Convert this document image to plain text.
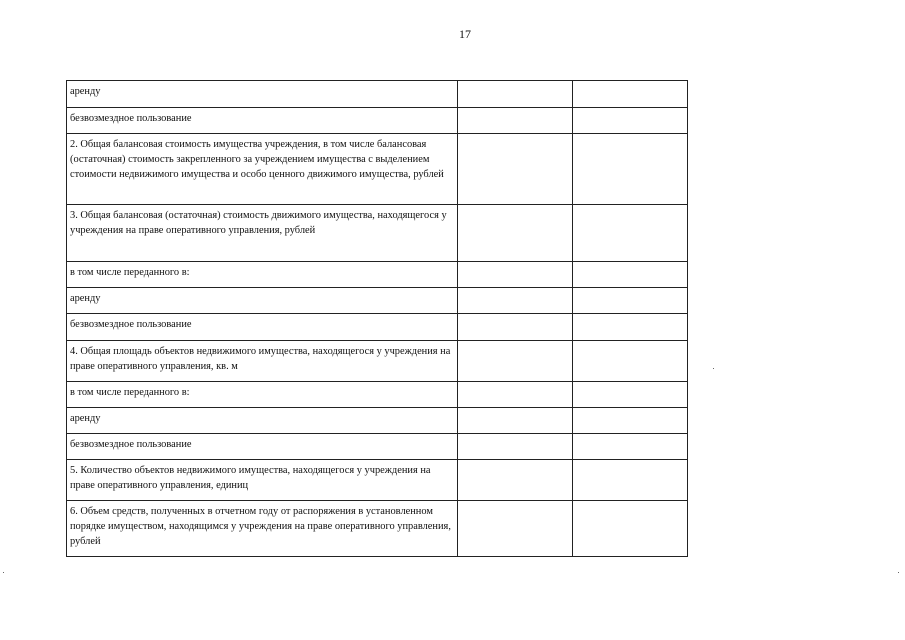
17
аренду		
безвозмездное пользование		
2. Общая балансовая стоимость имущества учреждения, в том числе балансовая (остаточная) стоимость закрепленного за учреждением имущества с выделением стоимости недвижимого имущества и особо ценного движимого имущества, рублей		
3. Общая балансовая (остаточная) стоимость движимого имущества, находящегося у учреждения на праве оперативного управления, рублей		
в том числе переданного в:		
аренду		
безвозмездное пользование		
4. Общая площадь объектов недвижимого имущества, находящегося у учреждения на праве оперативного управления, кв. м		
в том числе переданного в:		
аренду		
безвозмездное пользование		
5. Количество объектов недвижимого имущества, находящегося у учреждения на праве оперативного управления, единиц		
6. Объем средств, полученных в отчетном году от распоряжения в установленном порядке имуществом, находящимся у учреждения на праве оперативного управления, рублей		
